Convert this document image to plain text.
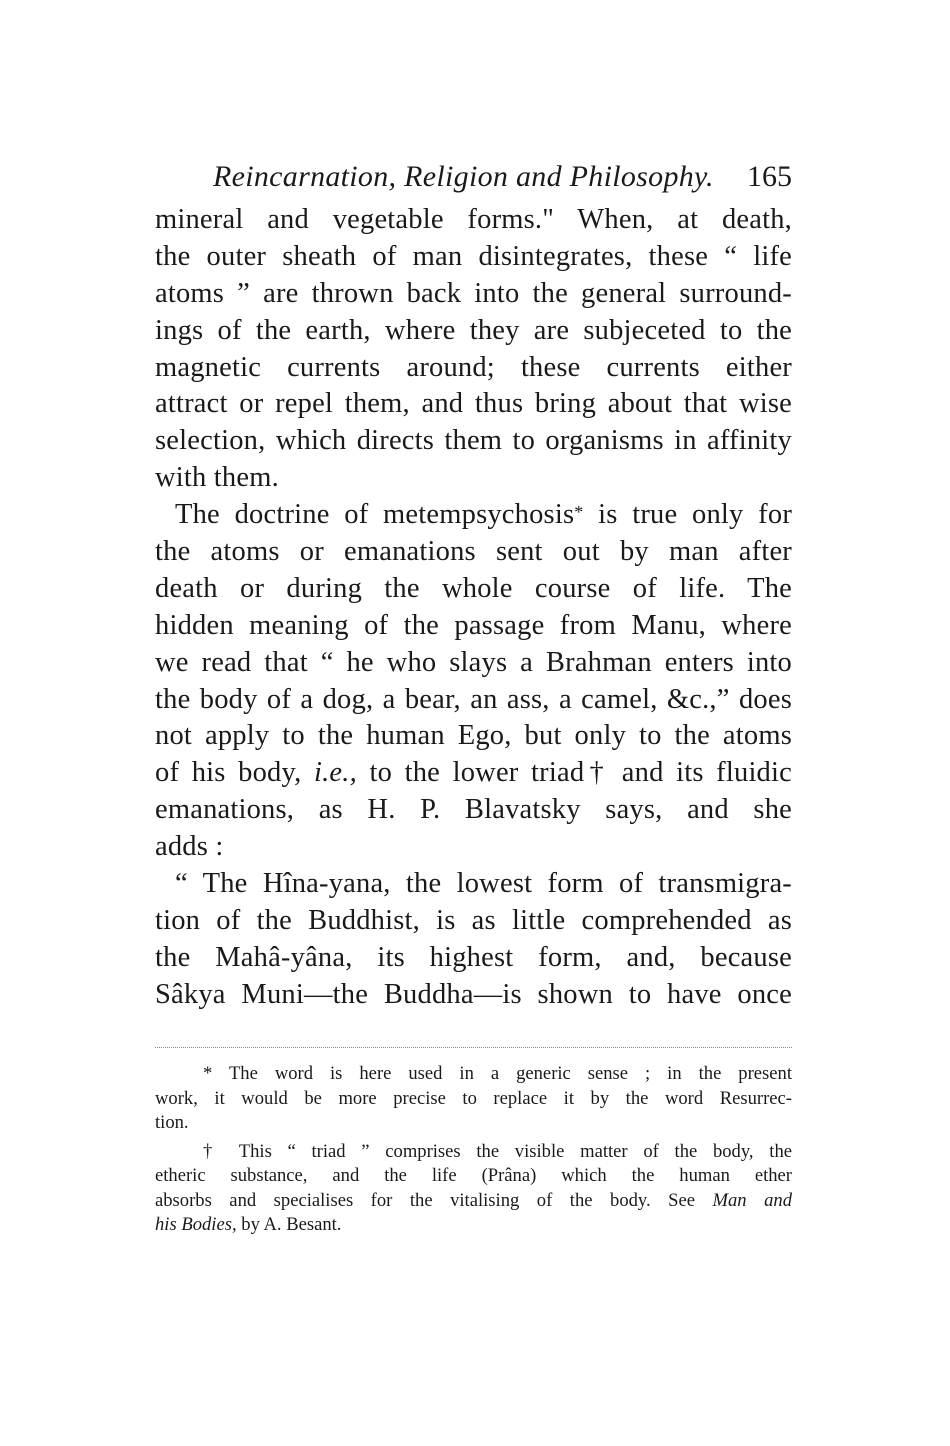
Reincarnation, Religion and Philosophy. 165
mineral and vegetable forms." When, at death,
the outer sheath of man disintegrates, these “ life
atoms ” are thrown back into the general surround-
ings of the earth, where they are subjeceted to the
magnetic currents around; these currents either
attract or repel them, and thus bring about that wise
selection, which directs them to organisms in affinity
with them.
The doctrine of metempsychosis* is true only for
the atoms or emanations sent out by man after
death or during the whole course of life. The
hidden meaning of the passage from Manu, where
we read that “ he who slays a Brahman enters into
the body of a dog, a bear, an ass, a camel, &c.,” does
not apply to the human Ego, but only to the atoms
of his body, i.e., to the lower triad† and its fluidic
emanations, as H. P. Blavatsky says, and she
adds :
“ The Hîna-yana, the lowest form of transmigra-
tion of the Buddhist, is as little comprehended as
the Mahâ-yâna, its highest form, and, because
Sâkya Muni—the Buddha—is shown to have once
* The word is here used in a generic sense ; in the present
work, it would be more precise to replace it by the word Resurrec-
tion.
† This “ triad ” comprises the visible matter of the body, the
etheric substance, and the life (Prâna) which the human ether
absorbs and specialises for the vitalising of the body. See Man and
his Bodies, by A. Besant.
